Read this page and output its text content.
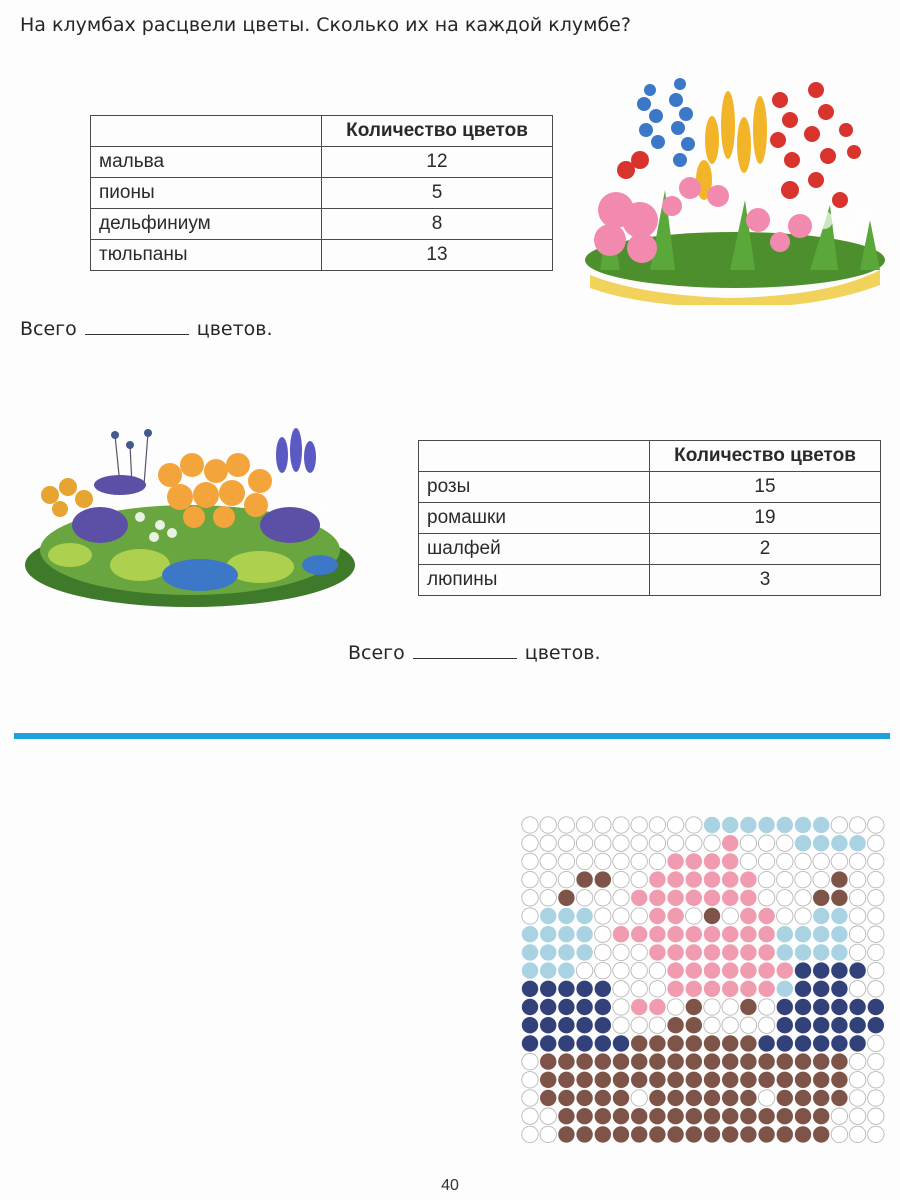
На клумбах расцвели цветы. Сколько их на каждой клумбе?
	Количество цветов
мальва	12
пионы	5
дельфиниум	8
тюльпаны	13
Всего	цветов.
	Количество цветов
розы	15
ромашки	19
шалфей	2
люпины	3
Всего	цветов.
40
